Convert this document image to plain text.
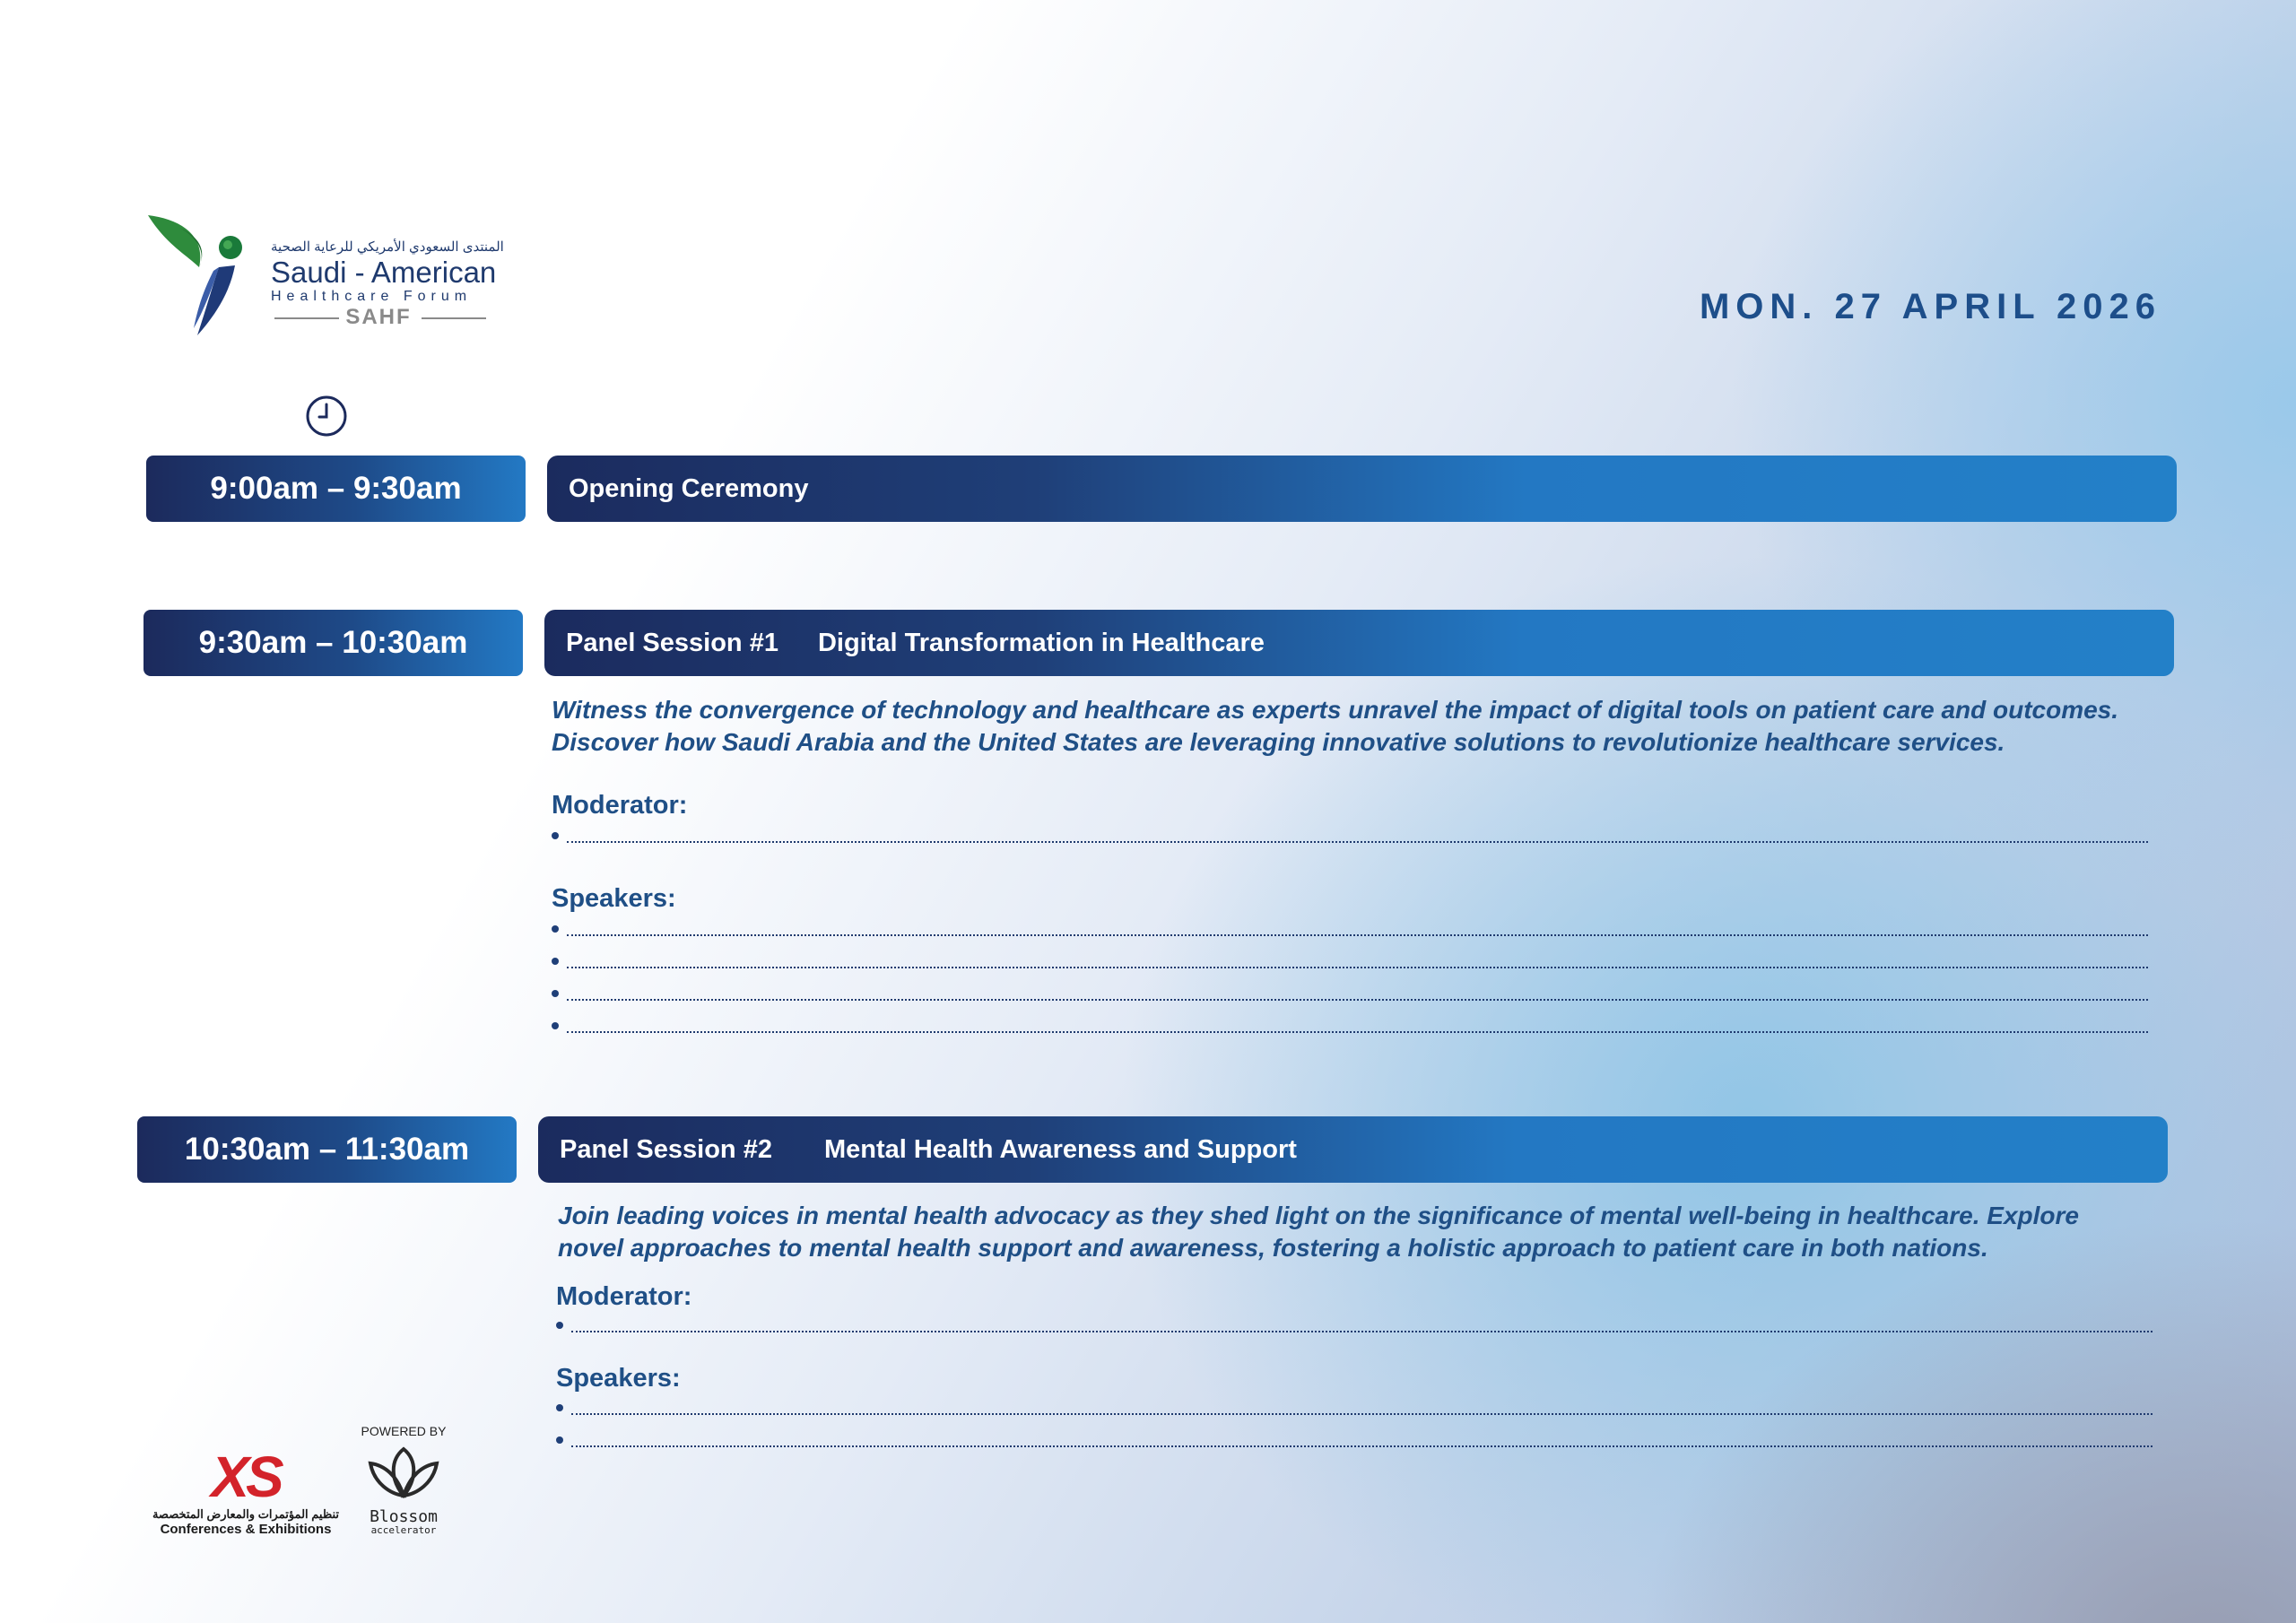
المنتدى السعودي الأمريكي للرعاية الصحية
Saudi - American
Healthcare Forum
SAHF	MON. 27 APRIL 2026
9:00am – 9:30am	Opening Ceremony
9:30am – 10:30am	Panel Session #1 Digital Transformation in Healthcare
Witness the convergence of technology and healthcare as experts unravel the impact of digital tools on patient care and outcomes.
Discover how Saudi Arabia and the United States are leveraging innovative solutions to revolutionize healthcare services.
Moderator:
Speakers:
10:30am – 11:30am	Panel Session #2 Mental Health Awareness and Support
Join leading voices in mental health advocacy as they shed light on the significance of mental well-being in healthcare. Explore
novel approaches to mental health support and awareness, fostering a holistic approach to patient care in both nations.
Moderator:
Speakers:
XS
تنظيم المؤتمرات والمعارض المتخصصة
Conferences & Exhibitions
POWERED BY
Blossom
accelerator
